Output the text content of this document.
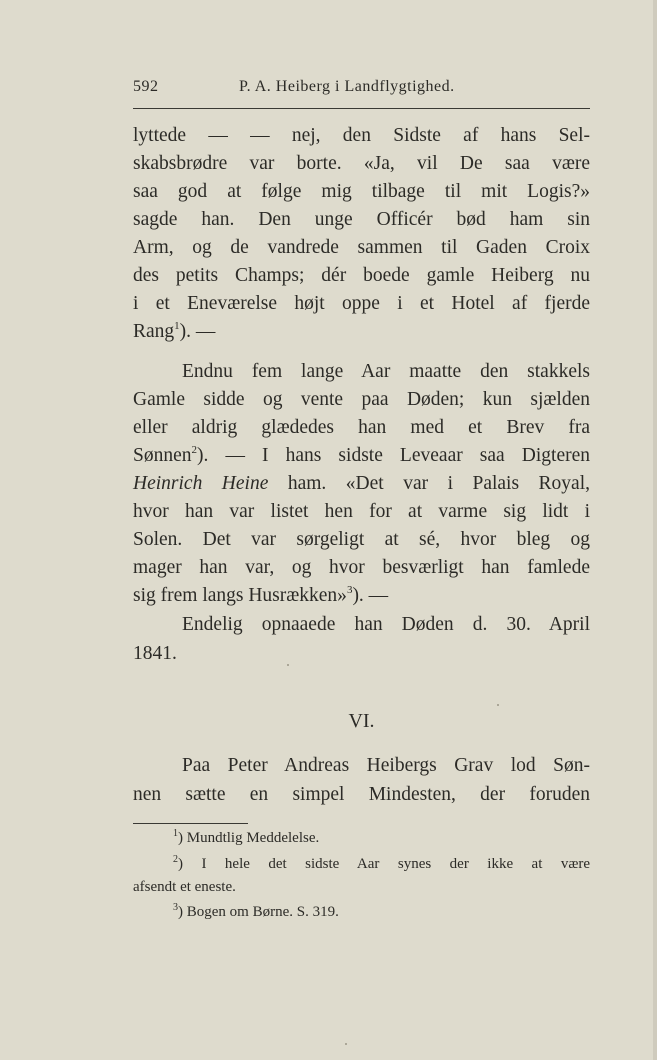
592	P. A. Heiberg i Landflygtighed.
lyttede — — nej, den Sidste af hans Sel-
skabsbrødre var borte. «Ja, vil De saa være
saa god at følge mig tilbage til mit Logis?»
sagde han. Den unge Officér bød ham sin
Arm, og de vandrede sammen til Gaden Croix
des petits Champs; dér boede gamle Heiberg nu
i et Eneværelse højt oppe i et Hotel af fjerde
Rang$^1$). —
Endnu fem lange Aar maatte den stakkels
Gamle sidde og vente paa Døden; kun sjælden
eller aldrig glædedes han med et Brev fra
Sønnen$^2$). — I hans sidste Leveaar saa Digteren
Heinrich Heine ham. «Det var i Palais Royal,
hvor han var listet hen for at varme sig lidt i
Solen. Det var sørgeligt at sé, hvor bleg og
mager han var, og hvor besværligt han famlede
sig frem langs Husrækken»$^3$). —
Endelig opnaaede han Døden d. 30. April
1841.
VI.
Paa Peter Andreas Heibergs Grav lod Søn-
nen sætte en simpel Mindesten, der foruden
$^1$) Mundtlig Meddelelse.
$^2$) I hele det sidste Aar synes der ikke at være
afsendt et eneste.
$^3$) Bogen om Børne. S. 319.
